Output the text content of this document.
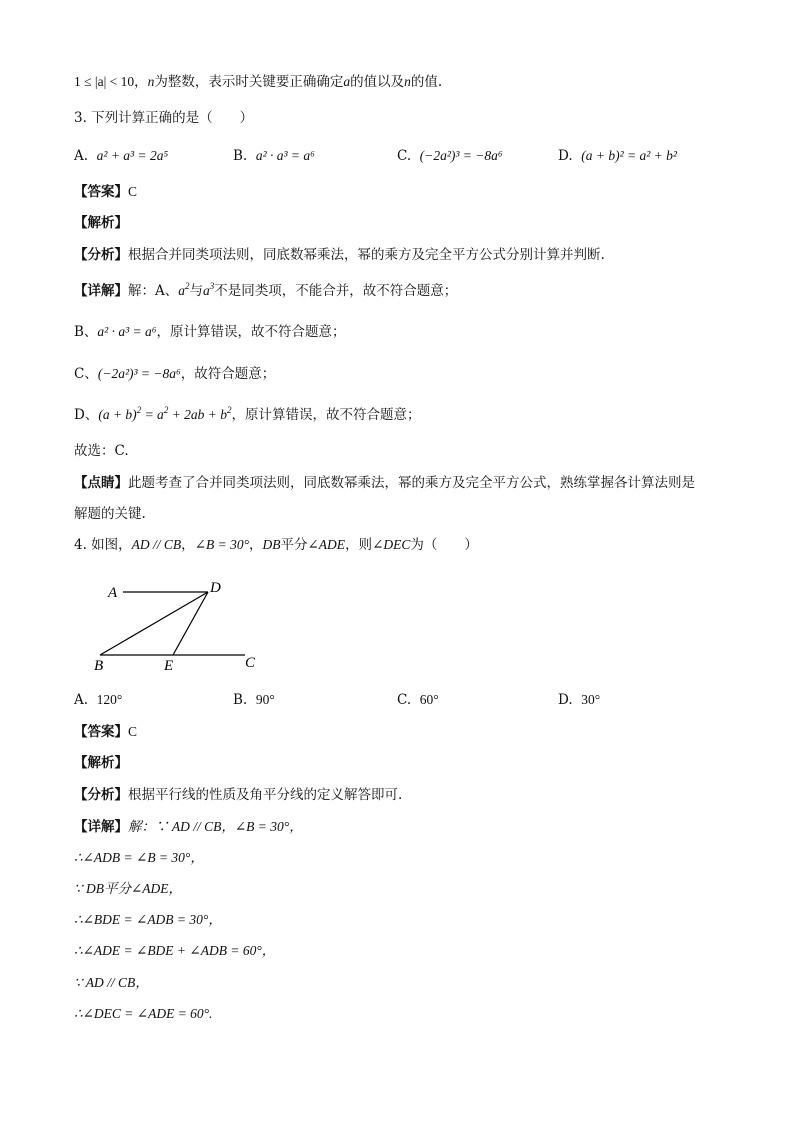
1 ≤ |a| < 10，n为整数，表示时关键要正确确定a的值以及n的值.
3. 下列计算正确的是（　　）
A. a² + a³ = 2a⁵	B. a² · a³ = a⁶	C. (−2a²)³ = −8a⁶	D. (a + b)² = a² + b²
【答案】C
【解析】
【分析】根据合并同类项法则，同底数幂乘法，幂的乘方及完全平方公式分别计算并判断.
【详解】解：A、$a^2$与$a^3$不是同类项，不能合并，故不符合题意；
B、a² · a³ = a⁶，原计算错误，故不符合题意；
C、(−2a²)³ = −8a⁶，故符合题意；
D、$(a + b)^2 = a^2 + 2ab + b^2$，原计算错误，故不符合题意；
故选：C.
【点睛】此题考查了合并同类项法则，同底数幂乘法，幂的乘方及完全平方公式，熟练掌握各计算法则是
解题的关键.
4. 如图，AD // CB，∠B = 30°，DB平分∠ADE，则∠DEC为（　　）
A	D
B	E	C
A. 120°	B. 90°	C. 60°	D. 30°
【答案】C
【解析】
【分析】根据平行线的性质及角平分线的定义解答即可.
【详解】解：∵ AD // CB，∠B = 30°，
∴∠ADB = ∠B = 30°，
∵ DB平分∠ADE，
∴∠BDE = ∠ADB = 30°，
∴∠ADE = ∠BDE + ∠ADB = 60°，
∵ AD // CB，
∴∠DEC = ∠ADE = 60°.
